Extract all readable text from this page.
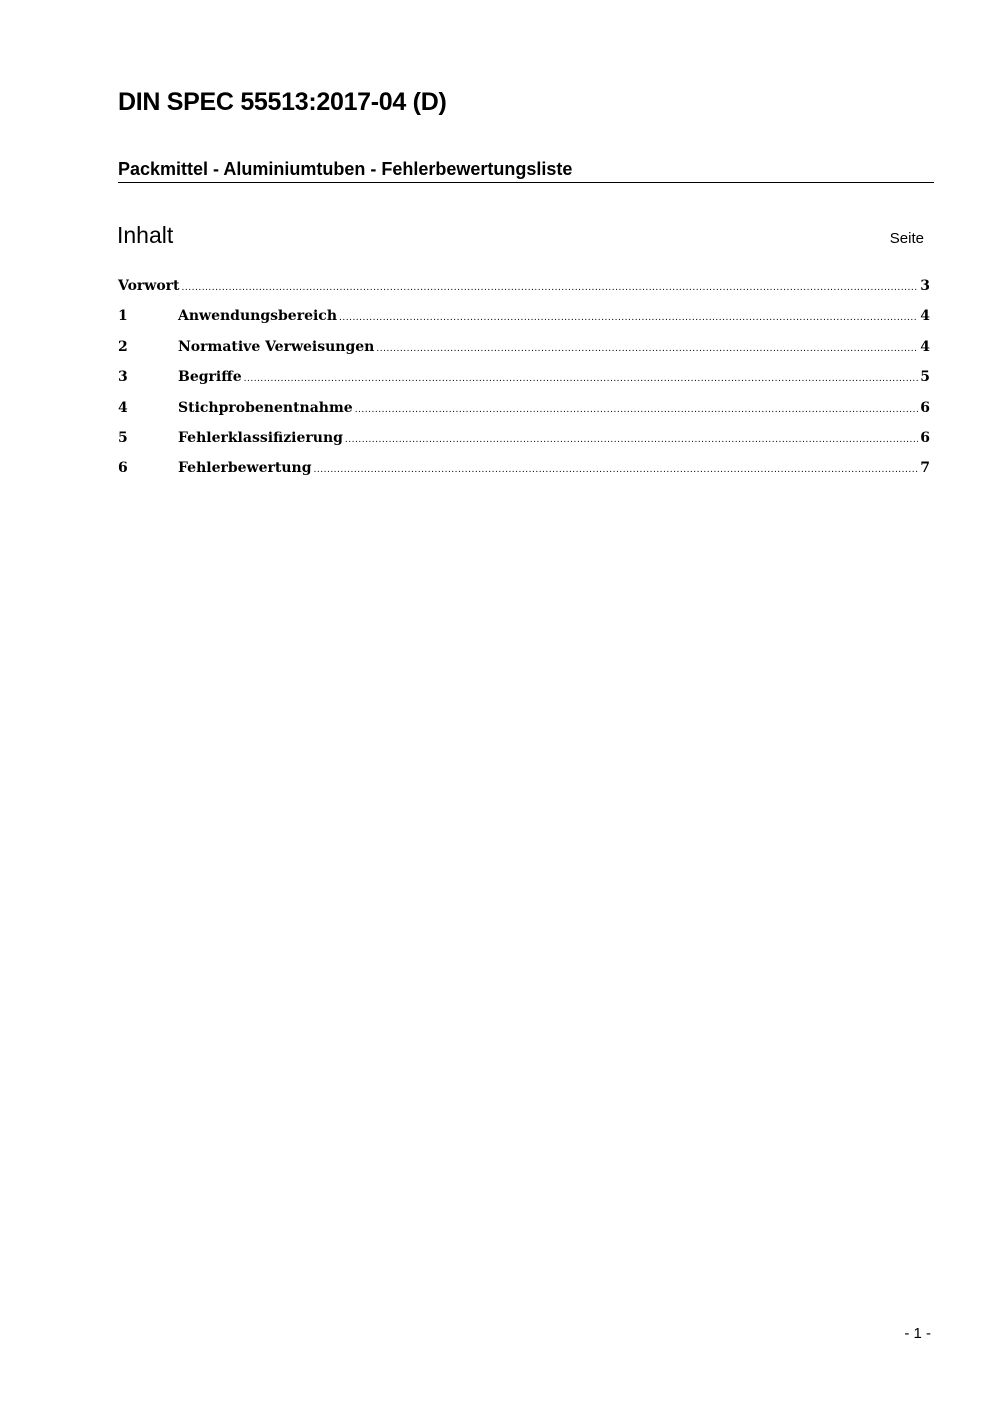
DIN SPEC 55513:2017-04 (D)
Packmittel - Aluminiumtuben - Fehlerbewertungsliste
Inhalt	Seite
Vorwort .....	3
1	Anwendungsbereich .....	4
2	Normative Verweisungen .....	4
3	Begriffe .....	5
4	Stichprobenentnahme .....	6
5	Fehlerklassifizierung .....	6
6	Fehlerbewertung .....	7
- 1 -
